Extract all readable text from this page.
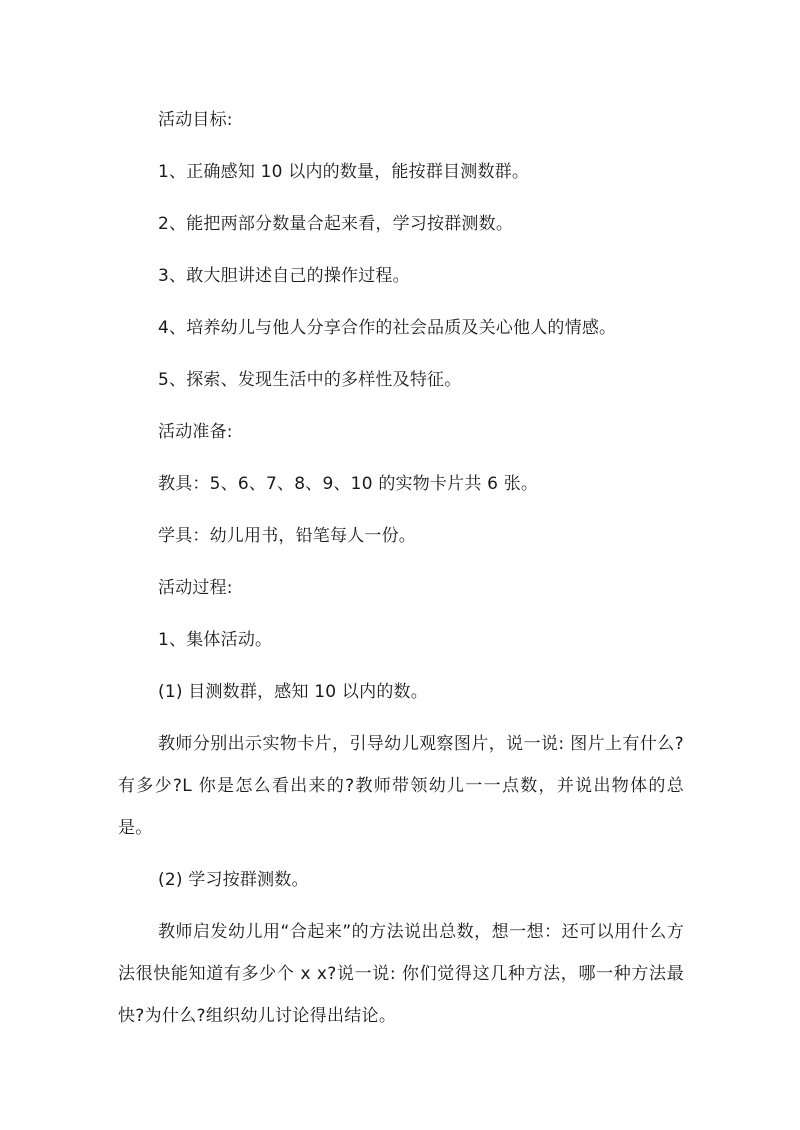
活动目标:
1、正确感知 10 以内的数量，能按群目测数群。
2、能把两部分数量合起来看，学习按群测数。
3、敢大胆讲述自己的操作过程。
4、培养幼儿与他人分享合作的社会品质及关心他人的情感。
5、探索、发现生活中的多样性及特征。
活动准备:
教具：5、6、7、8、9、10 的实物卡片共 6 张。
学具：幼儿用书，铅笔每人一份。
活动过程:
1、集体活动。
(1) 目测数群，感知 10 以内的数。
教师分别出示实物卡片，引导幼儿观察图片，说一说: 图片上有什么?有多少?L 你是怎么看出来的?教师带领幼儿一一点数，并说出物体的总是。
(2) 学习按群测数。
教师启发幼儿用“合起来”的方法说出总数，想一想：还可以用什么方法很快能知道有多少个 x x?说一说: 你们觉得这几种方法，哪一种方法最快?为什么?组织幼儿讨论得出结论。
